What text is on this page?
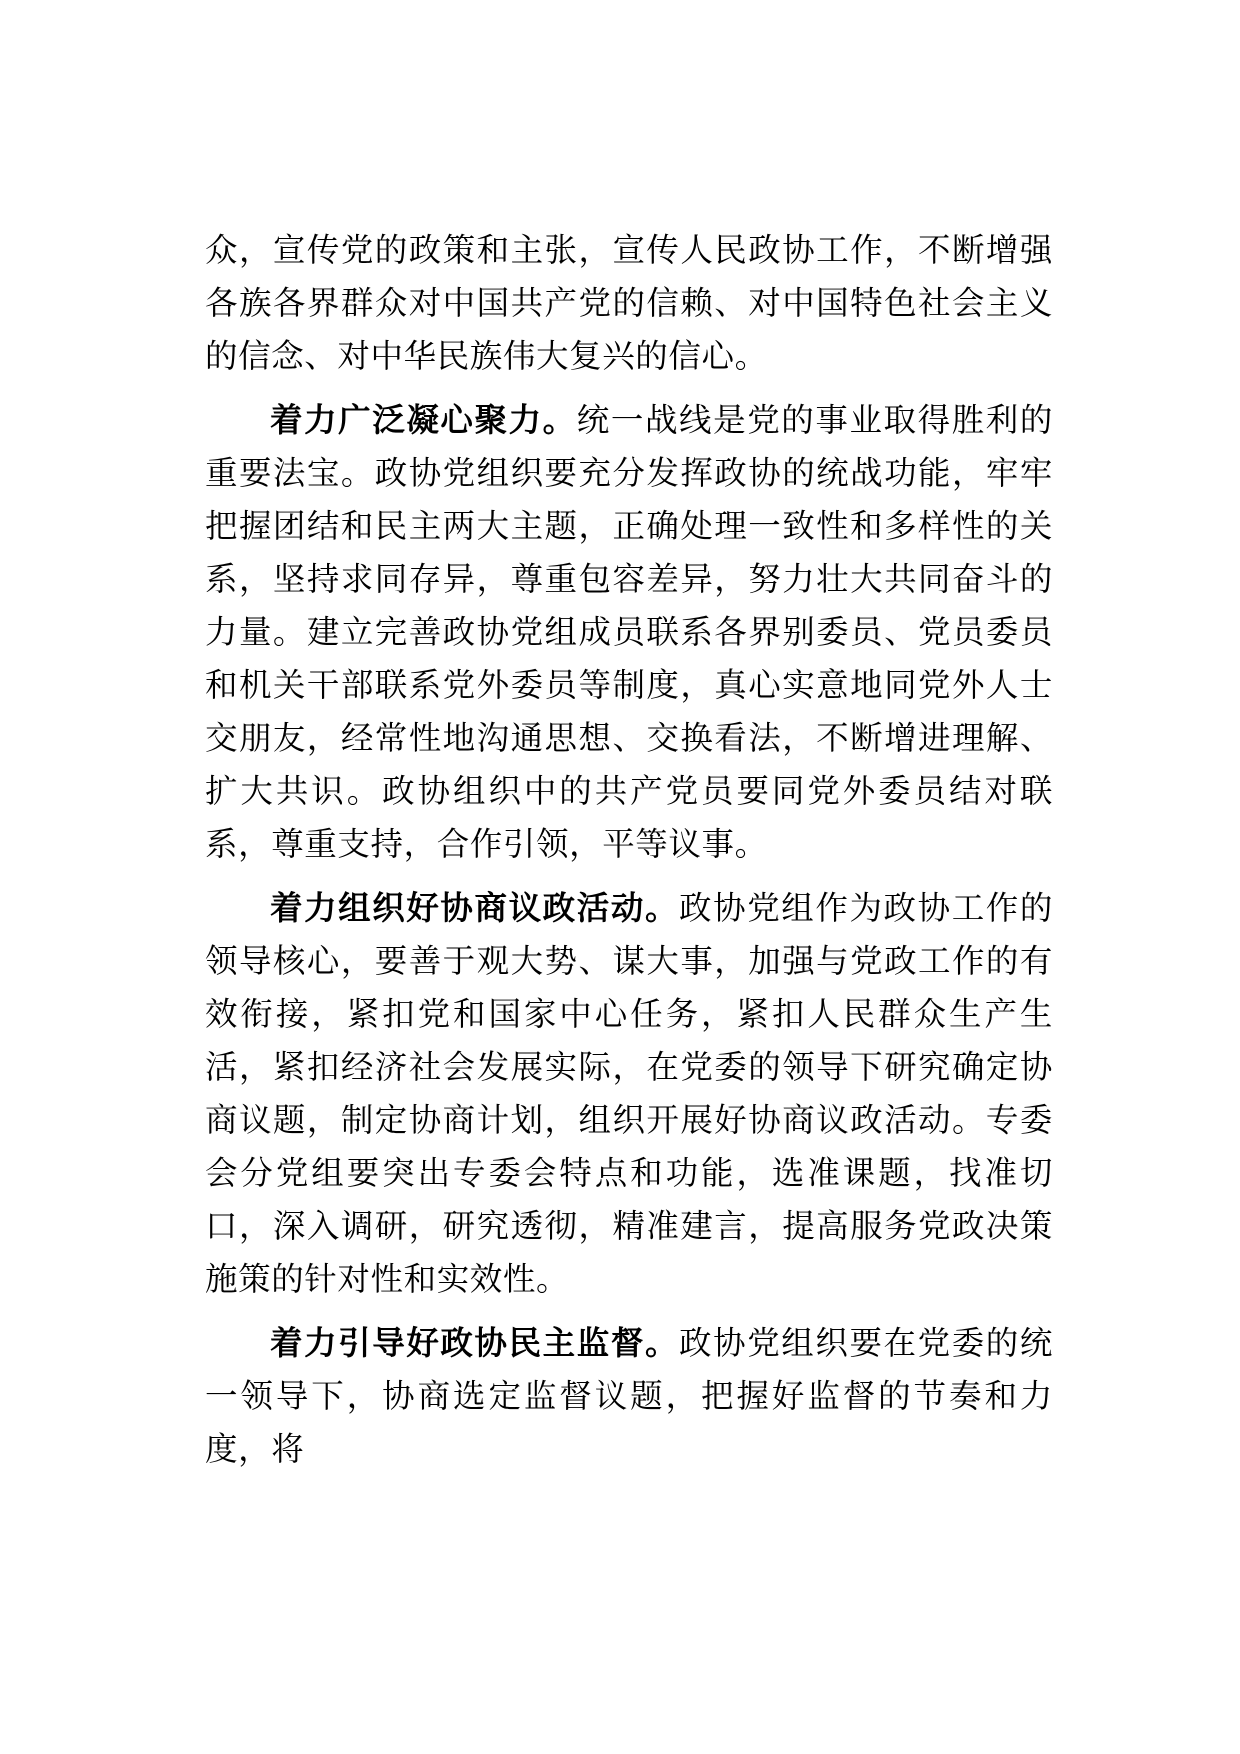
众，宣传党的政策和主张，宣传人民政协工作，不断增强各族各界群众对中国共产党的信赖、对中国特色社会主义的信念、对中华民族伟大复兴的信心。

着力广泛凝心聚力。统一战线是党的事业取得胜利的重要法宝。政协党组织要充分发挥政协的统战功能，牢牢把握团结和民主两大主题，正确处理一致性和多样性的关系，坚持求同存异，尊重包容差异，努力壮大共同奋斗的力量。建立完善政协党组成员联系各界别委员、党员委员和机关干部联系党外委员等制度，真心实意地同党外人士交朋友，经常性地沟通思想、交换看法，不断增进理解、扩大共识。政协组织中的共产党员要同党外委员结对联系，尊重支持，合作引领，平等议事。

着力组织好协商议政活动。政协党组作为政协工作的领导核心，要善于观大势、谋大事，加强与党政工作的有效衔接，紧扣党和国家中心任务，紧扣人民群众生产生活，紧扣经济社会发展实际，在党委的领导下研究确定协商议题，制定协商计划，组织开展好协商议政活动。专委会分党组要突出专委会特点和功能，选准课题，找准切口，深入调研，研究透彻，精准建言，提高服务党政决策施策的针对性和实效性。

着力引导好政协民主监督。政协党组织要在党委的统一领导下，协商选定监督议题，把握好监督的节奏和力度，将
